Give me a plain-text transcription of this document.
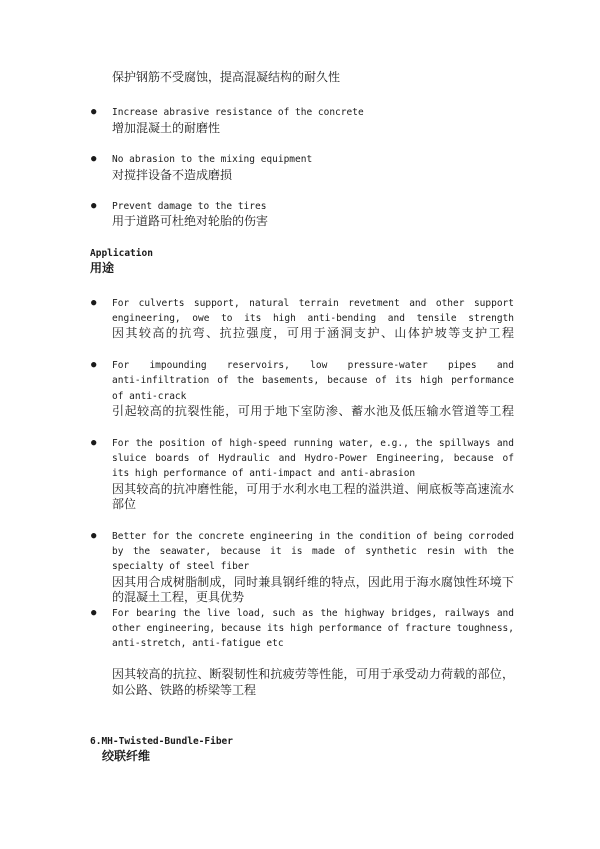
保护钢筋不受腐蚀，提高混凝结构的耐久性
● Increase abrasive resistance of the concrete
增加混凝土的耐磨性
● No abrasion to the mixing equipment
对搅拌设备不造成磨损
● Prevent damage to the tires
用于道路可杜绝对轮胎的伤害
Application
用途
● For culverts support, natural terrain revetment and other support
engineering, owe to its high anti-bending and tensile strength
因其较高的抗弯、抗拉强度，可用于涵洞支护、山体护坡等支护工程
● For impounding reservoirs, low pressure-water pipes and
anti-infiltration of the basements, because of its high performance
of anti-crack
引起较高的抗裂性能，可用于地下室防渗、蓄水池及低压输水管道等工程
● For the position of high-speed running water, e.g., the spillways and
sluice boards of Hydraulic and Hydro-Power Engineering, because of
its high performance of anti-impact and anti-abrasion
因其较高的抗冲磨性能，可用于水利水电工程的溢洪道、闸底板等高速流水
部位
● Better for the concrete engineering in the condition of being corroded
by the seawater, because it is made of synthetic resin with the
specialty of steel fiber
因其用合成树脂制成，同时兼具钢纤维的特点，因此用于海水腐蚀性环境下
的混凝土工程，更具优势
● For bearing the live load, such as the highway bridges, railways and
other engineering, because its high performance of fracture toughness,
anti-stretch, anti-fatigue etc
因其较高的抗拉、断裂韧性和抗疲劳等性能，可用于承受动力荷载的部位，
如公路、铁路的桥梁等工程
6.MH-Twisted-Bundle-Fiber
绞联纤维
